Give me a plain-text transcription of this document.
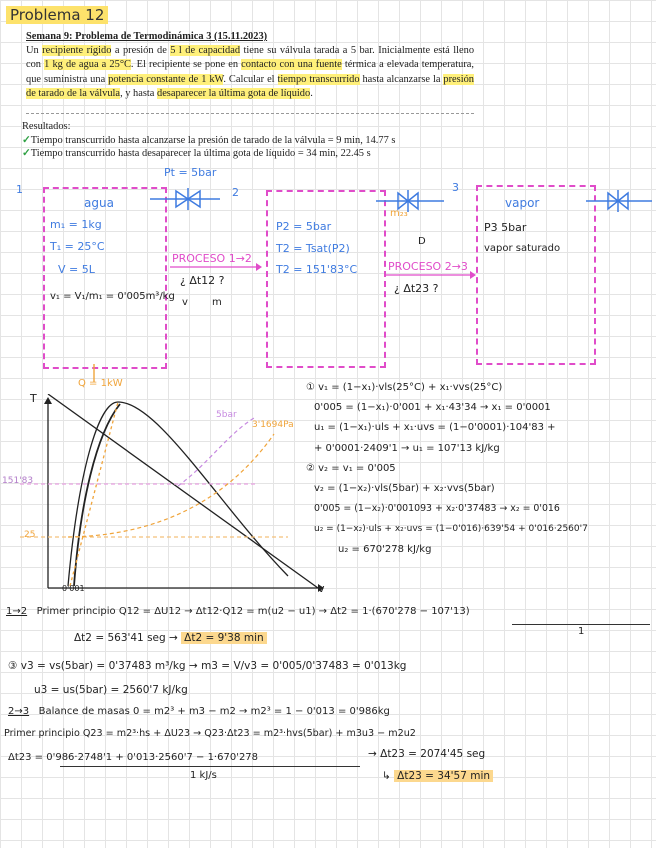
Problema 12
Semana 9: Problema de Termodinámica 3 (15.11.2023)
Un recipiente rígido a presión de 5 l de capacidad tiene su válvula tarada a 5 bar. Inicialmente está lleno con 1 kg de agua a 25°C. El recipiente se pone en contacto con una fuente térmica a elevada temperatura, que suministra una potencia constante de 1 kW. Calcular el tiempo transcurrido hasta alcanzarse la presión de tarado de la válvula, y hasta desaparecer la última gota de líquido.
Resultados:
✓Tiempo transcurrido hasta alcanzarse la presión de tarado de la válvula = 9 min, 14.77 s
✓Tiempo transcurrido hasta desaparecer la última gota de líquido = 34 min, 22.45 s
1	2	3
Pt = 5bar
agua
m₁ = 1kg
T₁ = 25°C
V = 5L
v₁ = V₁/m₁ = 0'005m³/kg
v m
PROCESO 1→2
¿ Δt12 ?
P2 = 5bar
T2 = Tsat(P2)
T2 = 151'83°C
m₂₃
D
PROCESO 2→3
¿ Δt23 ?
vapor
P3 5bar
vapor saturado
Q = 1kW
T
v
151'83
25
5bar
3'1694Pa
0'001
① v₁ = (1−x₁)·vls(25°C) + x₁·vvs(25°C)
0'005 = (1−x₁)·0'001 + x₁·43'34 → x₁ = 0'0001
u₁ = (1−x₁)·uls + x₁·uvs = (1−0'0001)·104'83 +
+ 0'0001·2409'1 → u₁ = 107'13 kJ/kg
② v₂ = v₁ = 0'005
v₂ = (1−x₂)·vls(5bar) + x₂·vvs(5bar)
0'005 = (1−x₂)·0'001093 + x₂·0'37483 → x₂ = 0'016
u₂ = (1−x₂)·uls + x₂·uvs = (1−0'016)·639'54 + 0'016·2560'7
u₂ = 670'278 kJ/kg
1→2 Primer principio Q12 = ΔU12 → Δt12·Q12 = m(u2 − u1) → Δt2 = 1·(670'278 − 107'13)
1
Δt2 = 563'41 seg → Δt2 = 9'38 min
③ v3 = vs(5bar) = 0'37483 m³/kg → m3 = V/v3 = 0'005/0'37483 = 0'013kg
u3 = us(5bar) = 2560'7 kJ/kg
2→3 Balance de masas 0 = m2³ + m3 − m2 → m2³ = 1 − 0'013 = 0'986kg
Primer principio Q23 = m2³·hs + ΔU23 → Q23·Δt23 = m2³·hvs(5bar) + m3u3 − m2u2
Δt23 = 0'986·2748'1 + 0'013·2560'7 − 1·670'278
1 kJ/s
→ Δt23 = 2074'45 seg
↳ Δt23 = 34'57 min
